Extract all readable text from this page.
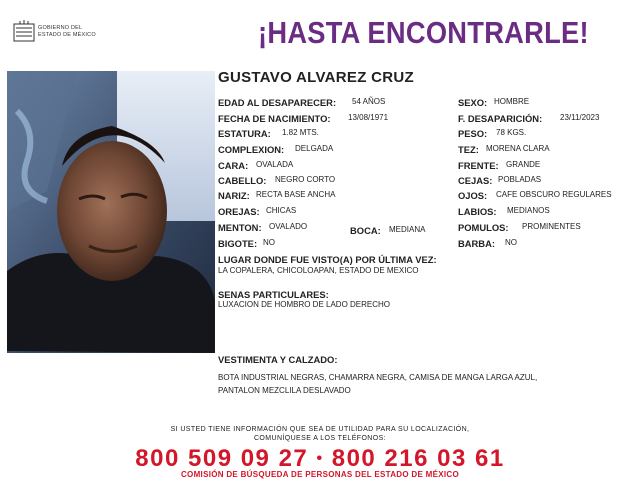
GOBIERNO DEL
ESTADO DE MÉXICO	¡HASTA ENCONTRARLE!
GUSTAVO ALVAREZ CRUZ
EDAD AL DESAPARECER: 54 AÑOS
FECHA DE NACIMIENTO: 13/08/1971
ESTATURA: 1.82 MTS.
COMPLEXION: DELGADA
CARA: OVALADA
CABELLO: NEGRO CORTO
NARIZ: RECTA BASE ANCHA
OREJAS: CHICAS
MENTON: OVALADO	BOCA: MEDIANA
BIGOTE: NO
SEXO: HOMBRE
F. DESAPARICIÓN: 23/11/2023
PESO: 78 KGS.
TEZ: MORENA CLARA
FRENTE: GRANDE
CEJAS: POBLADAS
OJOS: CAFE OBSCURO REGULARES
LABIOS: MEDIANOS
POMULOS: PROMINENTES
BARBA: NO
LUGAR DONDE FUE VISTO(A) POR ÚLTIMA VEZ:
LA COPALERA, CHICOLOAPAN, ESTADO DE MEXICO
SENAS PARTICULARES:
LUXACION DE HOMBRO DE LADO DERECHO
VESTIMENTA Y CALZADO:
BOTA INDUSTRIAL NEGRAS, CHAMARRA NEGRA, CAMISA DE MANGA LARGA AZUL,
PANTALON MEZCLILA DESLAVADO
SI USTED TIENE INFORMACIÓN QUE SEA DE UTILIDAD PARA SU LOCALIZACIÓN,
COMUNÍQUESE A LOS TELÉFONOS:
800 509 09 27 • 800 216 03 61
COMISIÓN DE BÚSQUEDA DE PERSONAS DEL ESTADO DE MÉXICO
